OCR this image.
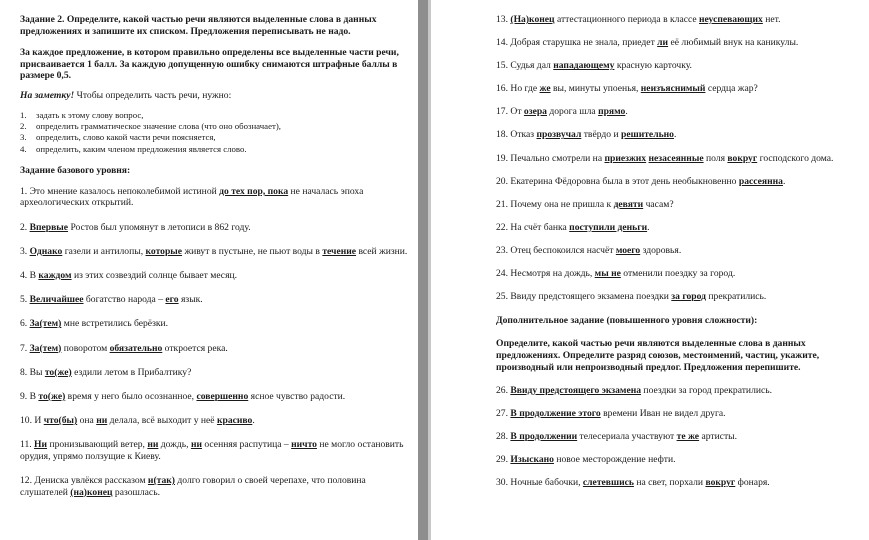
Задание 2. Определите, какой частью речи являются выделенные слова в данных предложениях и запишите их списком. Предложения переписывать не надо.

За каждое предложение, в котором правильно определены все выделенные части речи, присваивается 1 балл. За каждую допущенную ошибку снимаются штрафные баллы в размере 0,5.

На заметку! Чтобы определить часть речи, нужно:

1. задать к этому слову вопрос,
2. определить грамматическое значение слова (что оно обозначает),
3. определить, слово какой части речи поясняется,
4. определить, каким членом предложения является слово.

Задание базового уровня:

1. Это мнение казалось непоколебимой истиной до тех пор, пока не началась эпоха археологических открытий.

2. Впервые Ростов был упомянут в летописи в 862 году.

3. Однако газели и антилопы, которые живут в пустыне, не пьют воды в течение всей жизни.

4. В каждом из этих созвездий солнце бывает месяц.

5. Величайшее богатство народа – его язык.

6. За(тем) мне встретились берёзки.

7. За(тем) поворотом обязательно откроется река.

8. Вы то(же) ездили летом в Прибалтику?

9. В то(же) время у него было осознанное, совершенно ясное чувство радости.

10. И что(бы) она ни делала, всё выходит у неё красиво.

11. Ни пронизывающий ветер, ни дождь, ни осенняя распутица – ничто не могло остановить орудия, упрямо ползущие к Киеву.

12. Дениска увлёкся рассказом и(так) долго говорил о своей черепахе, что половина слушателей (на)конец разошлась.

13. (На)конец аттестационного периода в классе неуспевающих нет.

14. Добрая старушка не знала, приедет ли её любимый внук на каникулы.

15. Судья дал нападающему красную карточку.

16. Но где же вы, минуты упоенья, неизъяснимый сердца жар?

17. От озера дорога шла прямо.

18. Отказ прозвучал твёрдо и решительно.

19. Печально смотрели на приезжих незасеянные поля вокруг господского дома.

20. Екатерина Фёдоровна была в этот день необыкновенно рассеянна.

21. Почему она не пришла к девяти часам?

22. На счёт банка поступили деньги.

23. Отец беспокоился насчёт моего здоровья.

24. Несмотря на дождь, мы не отменили поездку за город.

25. Ввиду предстоящего экзамена поездки за город прекратились.

Дополнительное задание (повышенного уровня сложности):

Определите, какой частью речи являются выделенные слова в данных предложениях. Определите разряд союзов, местоимений, частиц, укажите, производный или непроизводный предлог. Предложения перепишите.

26. Ввиду предстоящего экзамена поездки за город прекратились.

27. В продолжение этого времени Иван не видел друга.

28. В продолжении телесериала участвуют те же артисты.

29. Изыскано новое месторождение нефти.

30. Ночные бабочки, слетевшись на свет, порхали вокруг фонаря.
